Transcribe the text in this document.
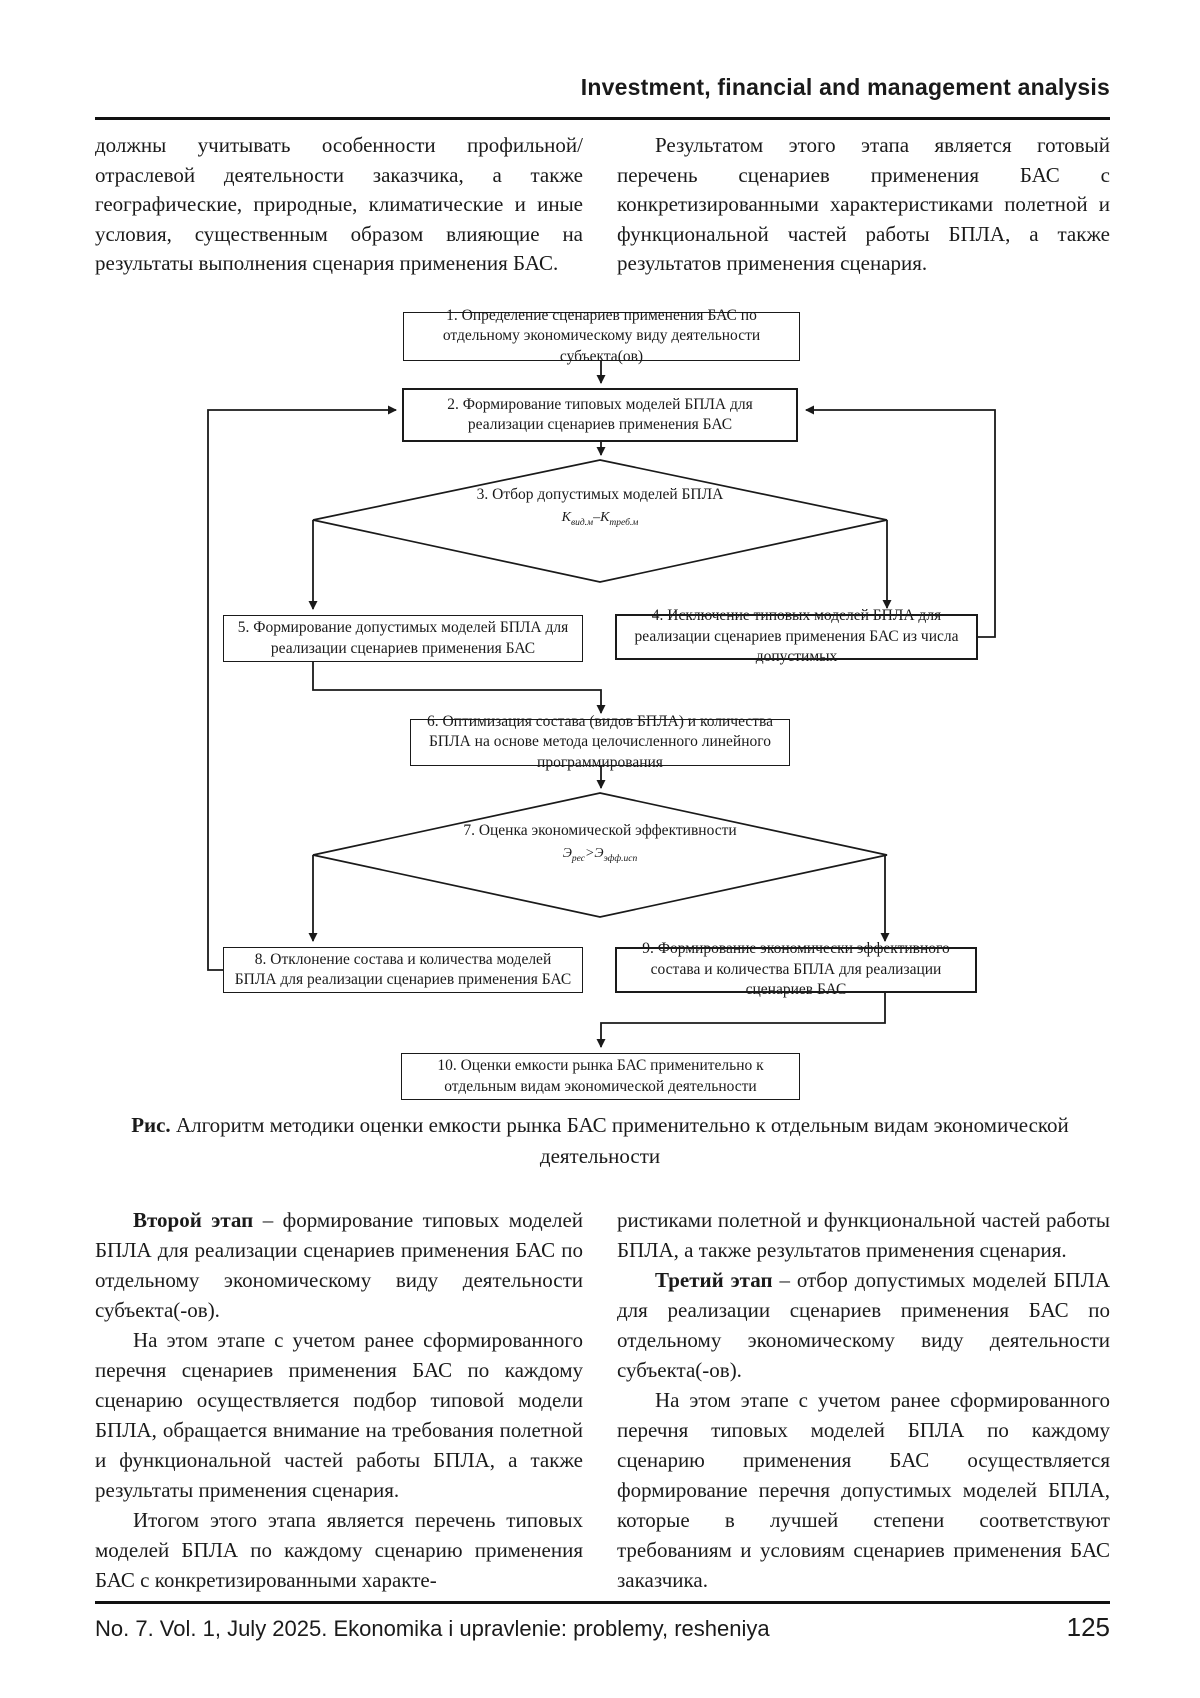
Investment, financial and management analysis

должны учитывать особенности профильной/отраслевой деятельности заказчика, а также географические, природные, климатические и иные условия, существенным образом влияющие на результаты выполнения сценария применения БАС.

Результатом этого этапа является готовый перечень сценариев применения БАС с конкретизированными характеристиками полетной и функциональной частей работы БПЛА, а также результатов применения сценария.

1. Определение сценариев применения БАС по отдельному экономическому виду деятельности субъекта(ов)
2. Формирование типовых моделей БПЛА для реализации сценариев применения БАС
3. Отбор допустимых моделей БПЛА
$К_{вид.м}-К_{треб.м}$
5. Формирование допустимых моделей БПЛА для реализации сценариев применения БАС
4. Исключение типовых моделей БПЛА для реализации сценариев применения БАС из числа допустимых
6. Оптимизация состава (видов БПЛА) и количества БПЛА на основе метода целочисленного линейного программирования
7. Оценка экономической эффективности
$Э_{рес}>Э_{эфф.исп}$
8. Отклонение состава и количества моделей БПЛА для реализации сценариев применения БАС
9. Формирование экономически эффективного состава и количества БПЛА для реализации сценариев БАС
10. Оценки емкости рынка БАС применительно к отдельным видам экономической деятельности
Рис. Алгоритм методики оценки емкости рынка БАС применительно к отдельным видам экономической деятельности

Второй этап – формирование типовых моделей БПЛА для реализации сценариев применения БАС по отдельному экономическому виду деятельности субъекта(-ов).

На этом этапе с учетом ранее сформированного перечня сценариев применения БАС по каждому сценарию осуществляется подбор типовой модели БПЛА, обращается внимание на требования полетной и функциональной частей работы БПЛА, а также результаты применения сценария.

Итогом этого этапа является перечень типовых моделей БПЛА по каждому сценарию применения БАС с конкретизированными характе-

ристиками полетной и функциональной частей работы БПЛА, а также результатов применения сценария.

Третий этап – отбор допустимых моделей БПЛА для реализации сценариев применения БАС по отдельному экономическому виду деятельности субъекта(-ов).

На этом этапе с учетом ранее сформированного перечня типовых моделей БПЛА по каждому сценарию применения БАС осуществляется формирование перечня допустимых моделей БПЛА, которые в лучшей степени соответствуют требованиям и условиям сценариев применения БАС заказчика.

No. 7. Vol. 1, July 2025. Ekonomika i upravlenie: problemy, resheniya	125
